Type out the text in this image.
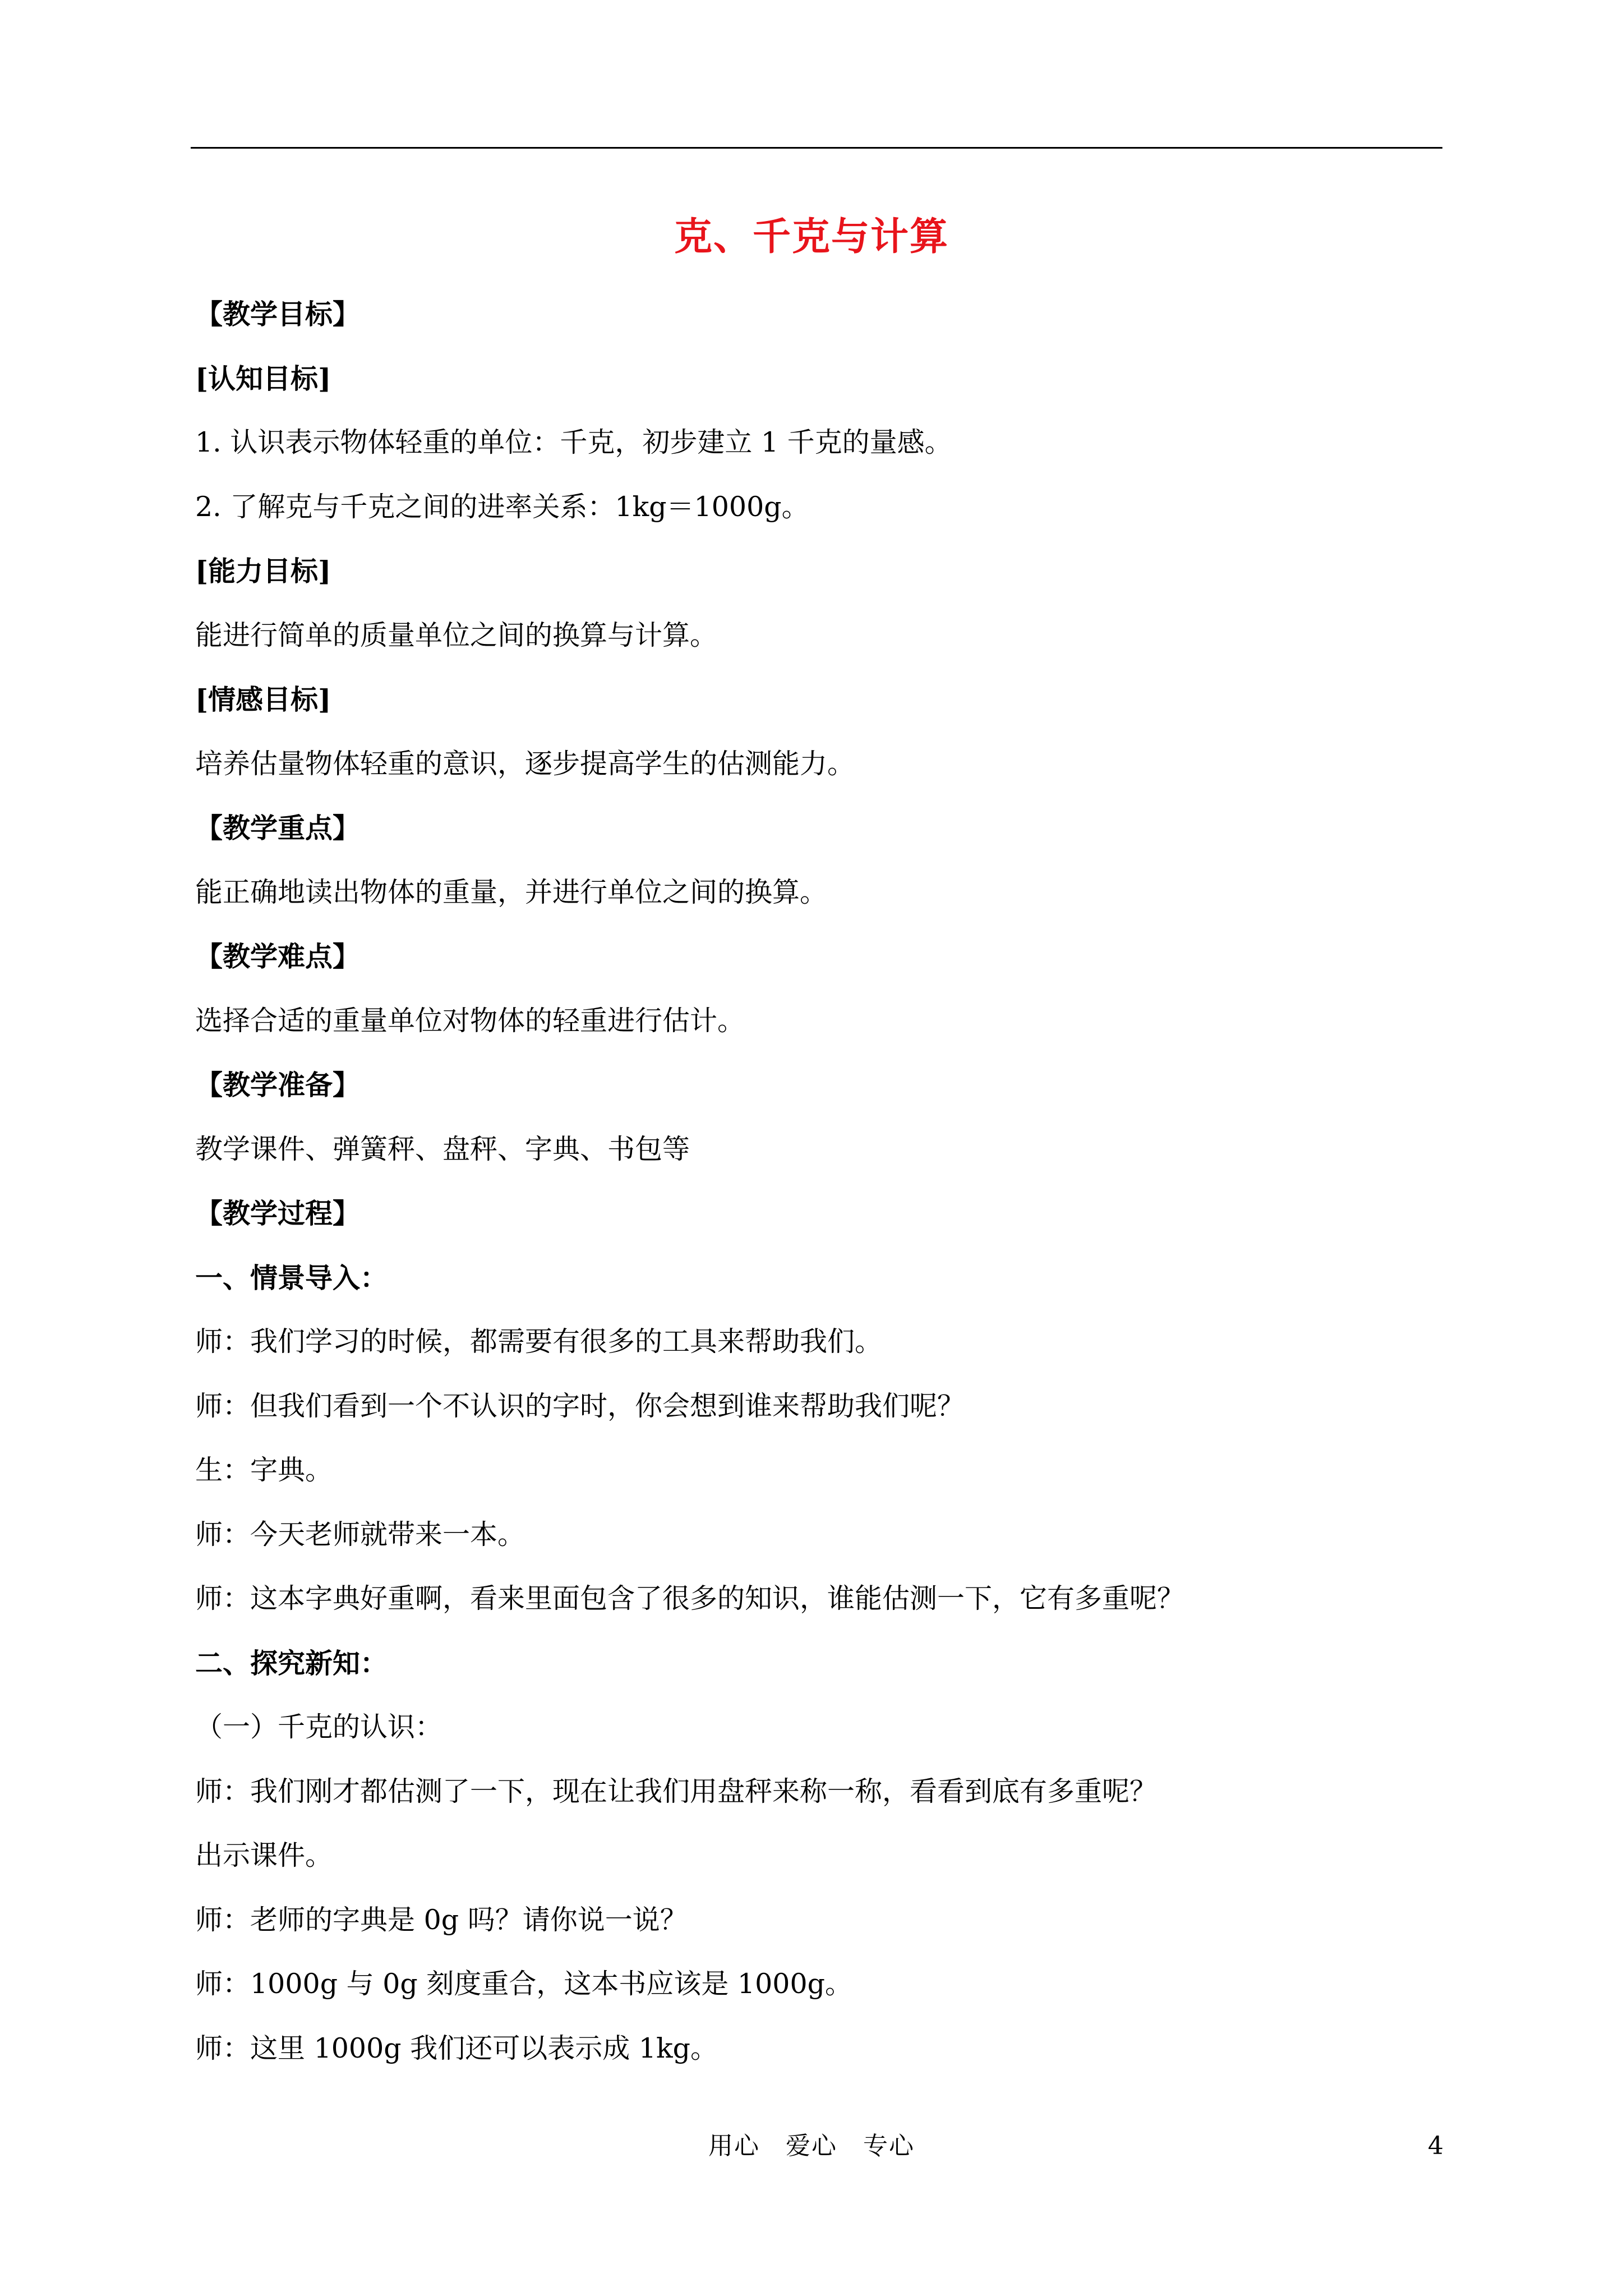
克、千克与计算

【教学目标】

[认知目标]

1. 认识表示物体轻重的单位：千克，初步建立 1 千克的量感。

2. 了解克与千克之间的进率关系：1kg＝1000g。

[能力目标]

能进行简单的质量单位之间的换算与计算。

[情感目标]

培养估量物体轻重的意识，逐步提高学生的估测能力。

【教学重点】

能正确地读出物体的重量，并进行单位之间的换算。

【教学难点】

选择合适的重量单位对物体的轻重进行估计。

【教学准备】

教学课件、弹簧秤、盘秤、字典、书包等

【教学过程】

一、情景导入：

师：我们学习的时候，都需要有很多的工具来帮助我们。

师：但我们看到一个不认识的字时，你会想到谁来帮助我们呢？

生：字典。

师：今天老师就带来一本。

师：这本字典好重啊，看来里面包含了很多的知识，谁能估测一下，它有多重呢？

二、探究新知：

（一）千克的认识：

师：我们刚才都估测了一下，现在让我们用盘秤来称一称，看看到底有多重呢？

出示课件。

师：老师的字典是 0g 吗？请你说一说？

师：1000g 与 0g 刻度重合，这本书应该是 1000g。

师：这里 1000g 我们还可以表示成 1kg。

用心　爱心　专心	4
